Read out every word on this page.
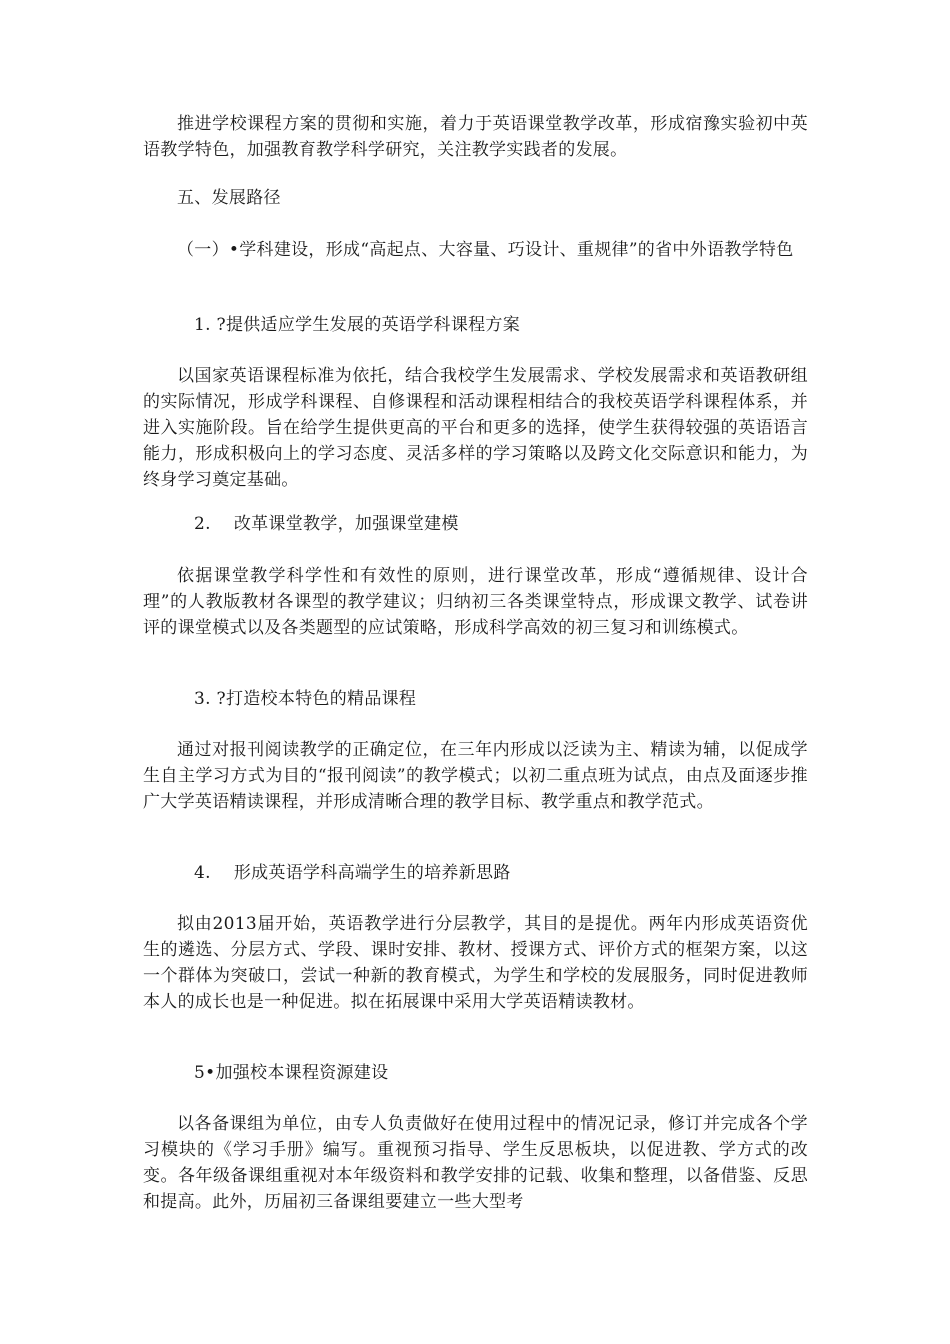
推进学校课程方案的贯彻和实施，着力于英语课堂教学改革，形成宿豫实验初中英语教学特色，加强教育教学科学研究，关注教学实践者的发展。

五、发展路径

（一）•学科建设，形成“高起点、大容量、巧设计、重规律”的省中外语教学特色

1. ?提供适应学生发展的英语学科课程方案

以国家英语课程标准为依托，结合我校学生发展需求、学校发展需求和英语教研组的实际情况，形成学科课程、自修课程和活动课程相结合的我校英语学科课程体系，并进入实施阶段。旨在给学生提供更高的平台和更多的选择，使学生获得较强的英语语言能力，形成积极向上的学习态度、灵活多样的学习策略以及跨文化交际意识和能力，为终身学习奠定基础。

2.　 改革课堂教学，加强课堂建模

依据课堂教学科学性和有效性的原则，进行课堂改革，形成“遵循规律、设计合理”的人教版教材各课型的教学建议；归纳初三各类课堂特点，形成课文教学、试卷讲评的课堂模式以及各类题型的应试策略，形成科学高效的初三复习和训练模式。

3. ?打造校本特色的精品课程

通过对报刊阅读教学的正确定位，在三年内形成以泛读为主、精读为辅，以促成学生自主学习方式为目的“报刊阅读”的教学模式；以初二重点班为试点，由点及面逐步推广大学英语精读课程，并形成清晰合理的教学目标、教学重点和教学范式。

4.　 形成英语学科高端学生的培养新思路

拟由2013届开始，英语教学进行分层教学，其目的是提优。两年内形成英语资优生的遴选、分层方式、学段、课时安排、教材、授课方式、评价方式的框架方案，以这一个群体为突破口，尝试一种新的教育模式，为学生和学校的发展服务，同时促进教师本人的成长也是一种促进。拟在拓展课中采用大学英语精读教材。

5•加强校本课程资源建设

以各备课组为单位，由专人负责做好在使用过程中的情况记录，修订并完成各个学习模块的《学习手册》编写。重视预习指导、学生反思板块，以促进教、学方式的改变。各年级备课组重视对本年级资料和教学安排的记载、收集和整理，以备借鉴、反思和提高。此外，历届初三备课组要建立一些大型考
